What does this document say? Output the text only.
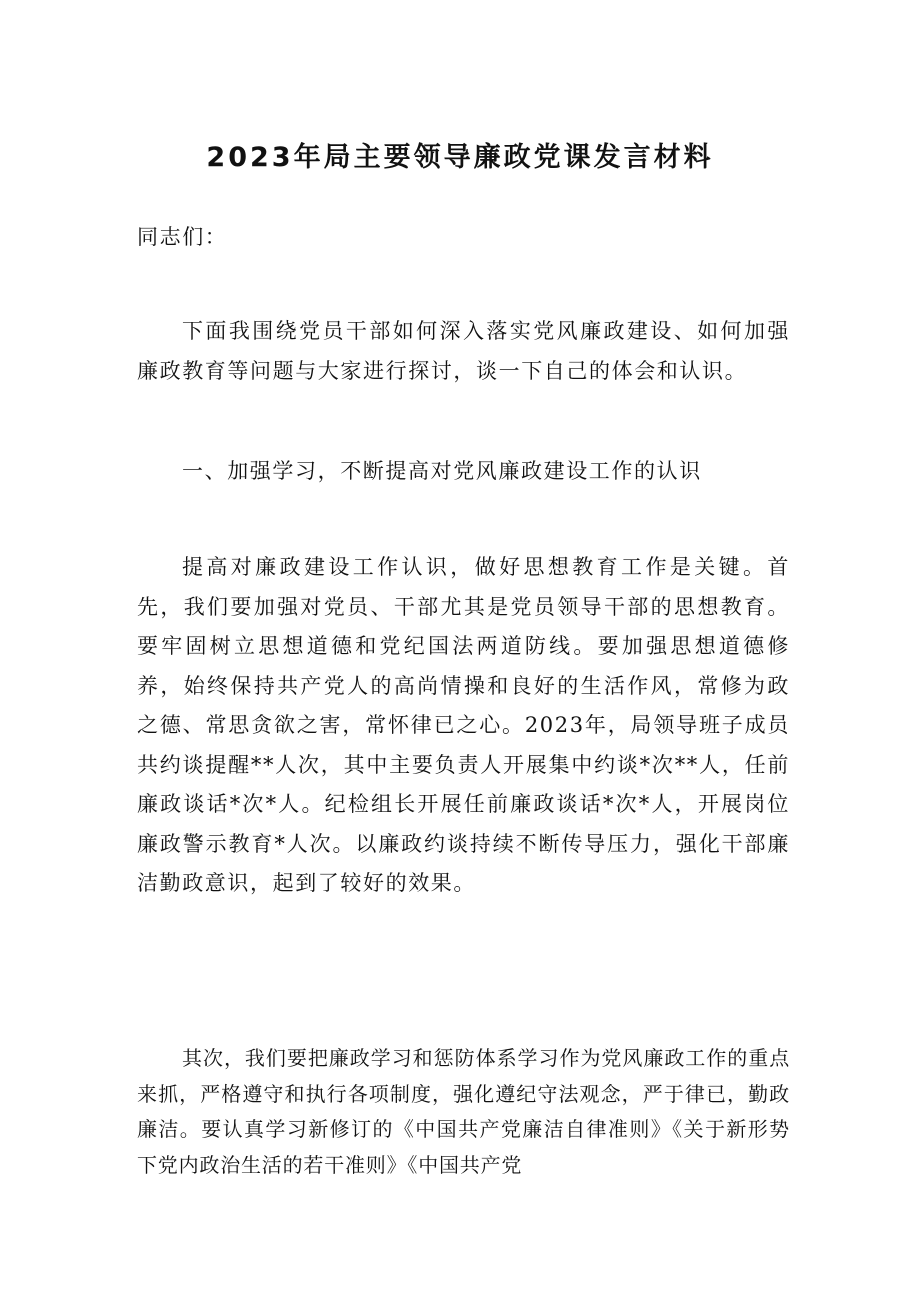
2023年局主要领导廉政党课发言材料

同志们：

下面我围绕党员干部如何深入落实党风廉政建设、如何加强廉政教育等问题与大家进行探讨，谈一下自己的体会和认识。

一、加强学习，不断提高对党风廉政建设工作的认识

提高对廉政建设工作认识，做好思想教育工作是关键。首先，我们要加强对党员、干部尤其是党员领导干部的思想教育。要牢固树立思想道德和党纪国法两道防线。要加强思想道德修养，始终保持共产党人的高尚情操和良好的生活作风，常修为政之德、常思贪欲之害，常怀律已之心。2023年，局领导班子成员共约谈提醒**人次，其中主要负责人开展集中约谈*次**人，任前廉政谈话*次*人。纪检组长开展任前廉政谈话*次*人，开展岗位廉政警示教育*人次。以廉政约谈持续不断传导压力，强化干部廉洁勤政意识，起到了较好的效果。

其次，我们要把廉政学习和惩防体系学习作为党风廉政工作的重点来抓，严格遵守和执行各项制度，强化遵纪守法观念，严于律已，勤政廉洁。要认真学习新修订的《中国共产党廉洁自律准则》《关于新形势下党内政治生活的若干准则》《中国共产党
